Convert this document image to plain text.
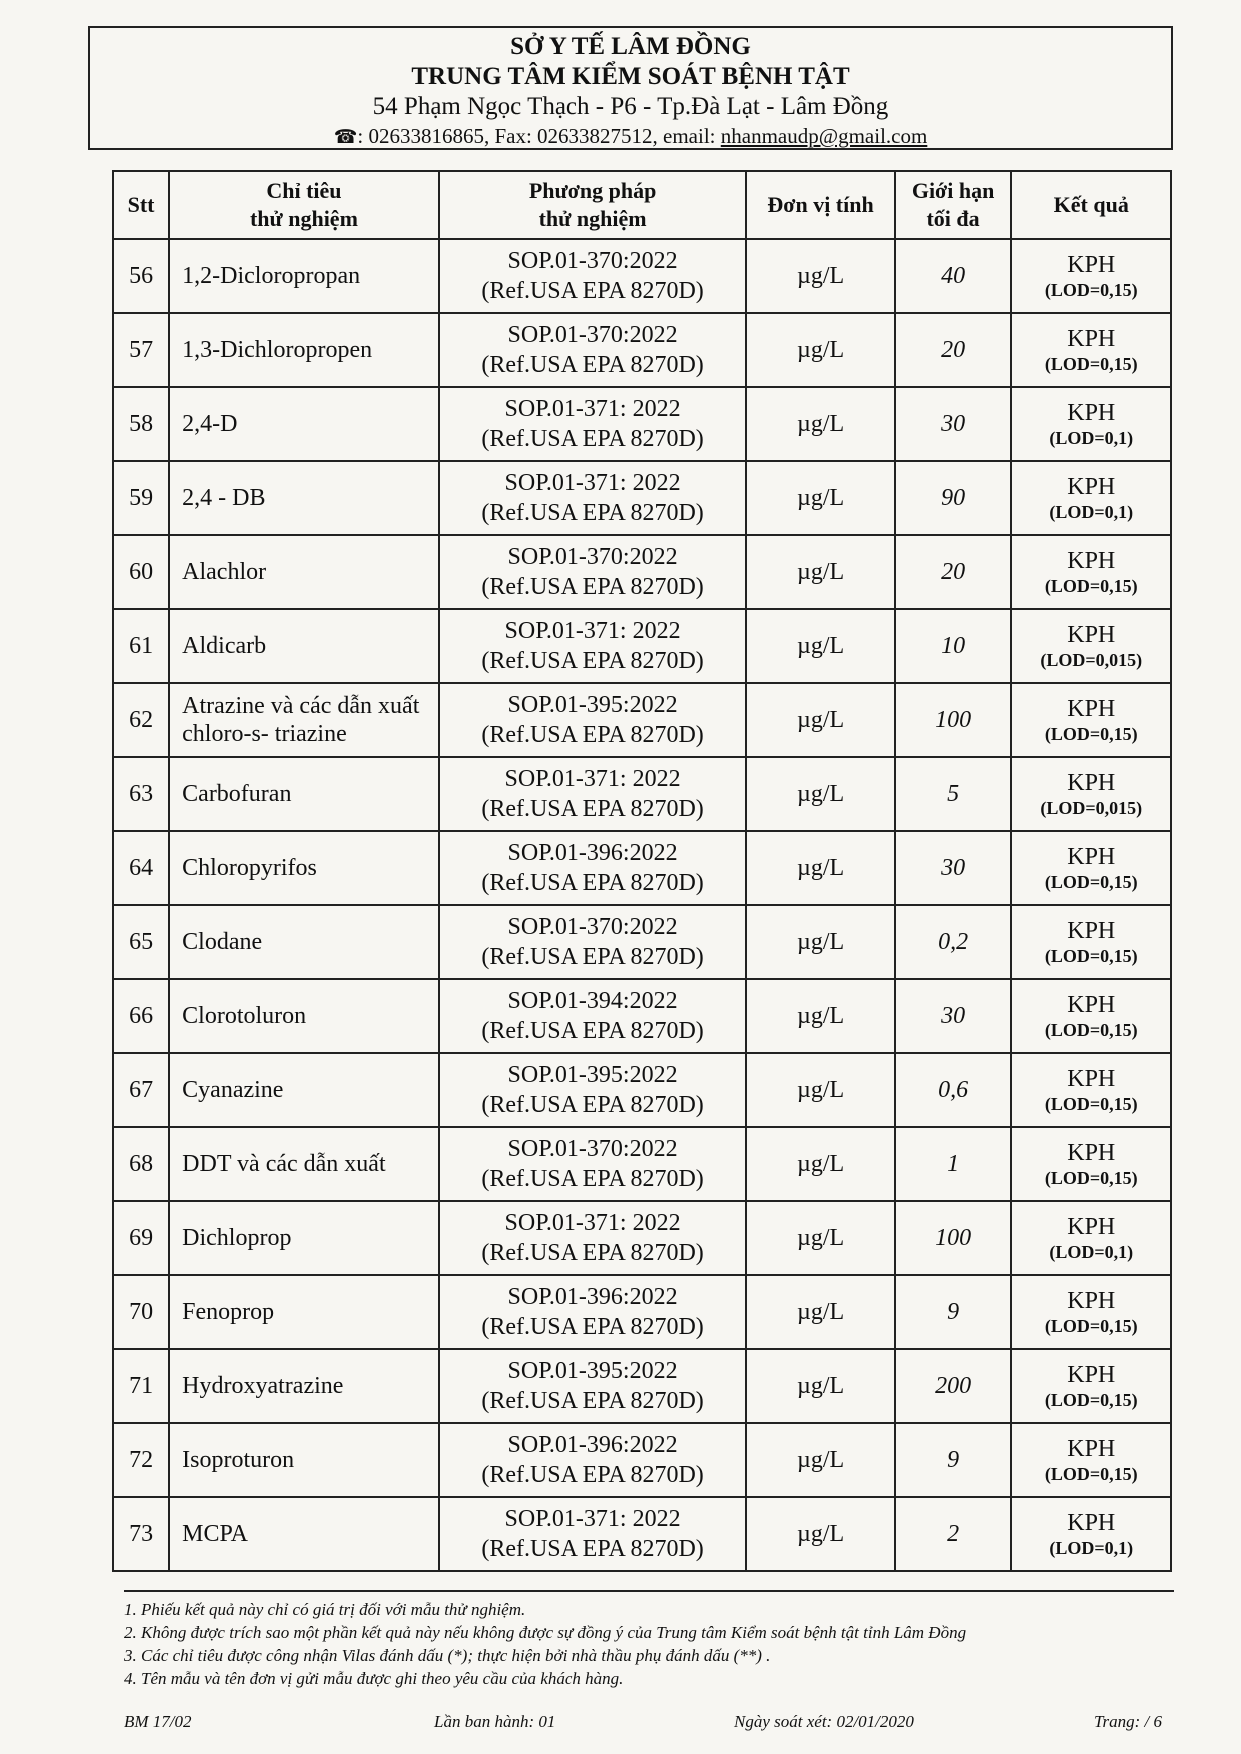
SỞ Y TẾ LÂM ĐỒNG
TRUNG TÂM KIỂM SOÁT BỆNH TẬT
54 Phạm Ngọc Thạch - P6 - Tp.Đà Lạt - Lâm Đồng
☎: 02633816865, Fax: 02633827512, email: nhanmaudp@gmail.com
Stt	Chỉ tiêu
thử nghiệm	Phương pháp
thử nghiệm	Đơn vị tính	Giới hạn
tối đa	Kết quả
56	1,2-Dicloropropan	SOP.01-370:2022
(Ref.USA EPA 8270D)	µg/L	40	KPH
(LOD=0,15)

57	1,3-Dichloropropen	SOP.01-370:2022
(Ref.USA EPA 8270D)	µg/L	20	KPH
(LOD=0,15)

58	2,4-D	SOP.01-371: 2022
(Ref.USA EPA 8270D)	µg/L	30	KPH
(LOD=0,1)

59	2,4 - DB	SOP.01-371: 2022
(Ref.USA EPA 8270D)	µg/L	90	KPH
(LOD=0,1)

60	Alachlor	SOP.01-370:2022
(Ref.USA EPA 8270D)	µg/L	20	KPH
(LOD=0,15)

61	Aldicarb	SOP.01-371: 2022
(Ref.USA EPA 8270D)	µg/L	10	KPH
(LOD=0,015)

62	Atrazine và các dẫn xuất chloro-s- triazine	SOP.01-395:2022
(Ref.USA EPA 8270D)	µg/L	100	KPH
(LOD=0,15)

63	Carbofuran	SOP.01-371: 2022
(Ref.USA EPA 8270D)	µg/L	5	KPH
(LOD=0,015)

64	Chloropyrifos	SOP.01-396:2022
(Ref.USA EPA 8270D)	µg/L	30	KPH
(LOD=0,15)

65	Clodane	SOP.01-370:2022
(Ref.USA EPA 8270D)	µg/L	0,2	KPH
(LOD=0,15)

66	Clorotoluron	SOP.01-394:2022
(Ref.USA EPA 8270D)	µg/L	30	KPH
(LOD=0,15)

67	Cyanazine	SOP.01-395:2022
(Ref.USA EPA 8270D)	µg/L	0,6	KPH
(LOD=0,15)

68	DDT và các dẫn xuất	SOP.01-370:2022
(Ref.USA EPA 8270D)	µg/L	1	KPH
(LOD=0,15)

69	Dichloprop	SOP.01-371: 2022
(Ref.USA EPA 8270D)	µg/L	100	KPH
(LOD=0,1)

70	Fenoprop	SOP.01-396:2022
(Ref.USA EPA 8270D)	µg/L	9	KPH
(LOD=0,15)

71	Hydroxyatrazine	SOP.01-395:2022
(Ref.USA EPA 8270D)	µg/L	200	KPH
(LOD=0,15)

72	Isoproturon	SOP.01-396:2022
(Ref.USA EPA 8270D)	µg/L	9	KPH
(LOD=0,15)

73	MCPA	SOP.01-371: 2022
(Ref.USA EPA 8270D)	µg/L	2	KPH
(LOD=0,1)
1. Phiếu kết quả này chỉ có giá trị đối với mẫu thử nghiệm.
2. Không được trích sao một phần kết quả này nếu không được sự đồng ý của Trung tâm Kiểm soát bệnh tật tỉnh Lâm Đồng
3. Các chỉ tiêu được công nhận Vilas đánh dấu (*); thực hiện bởi nhà thầu phụ đánh dấu (**) .
4. Tên mẫu và tên đơn vị gửi mẫu được ghi theo yêu cầu của khách hàng.
BM 17/02	Lần ban hành: 01	Ngày soát xét: 02/01/2020	Trang: / 6
